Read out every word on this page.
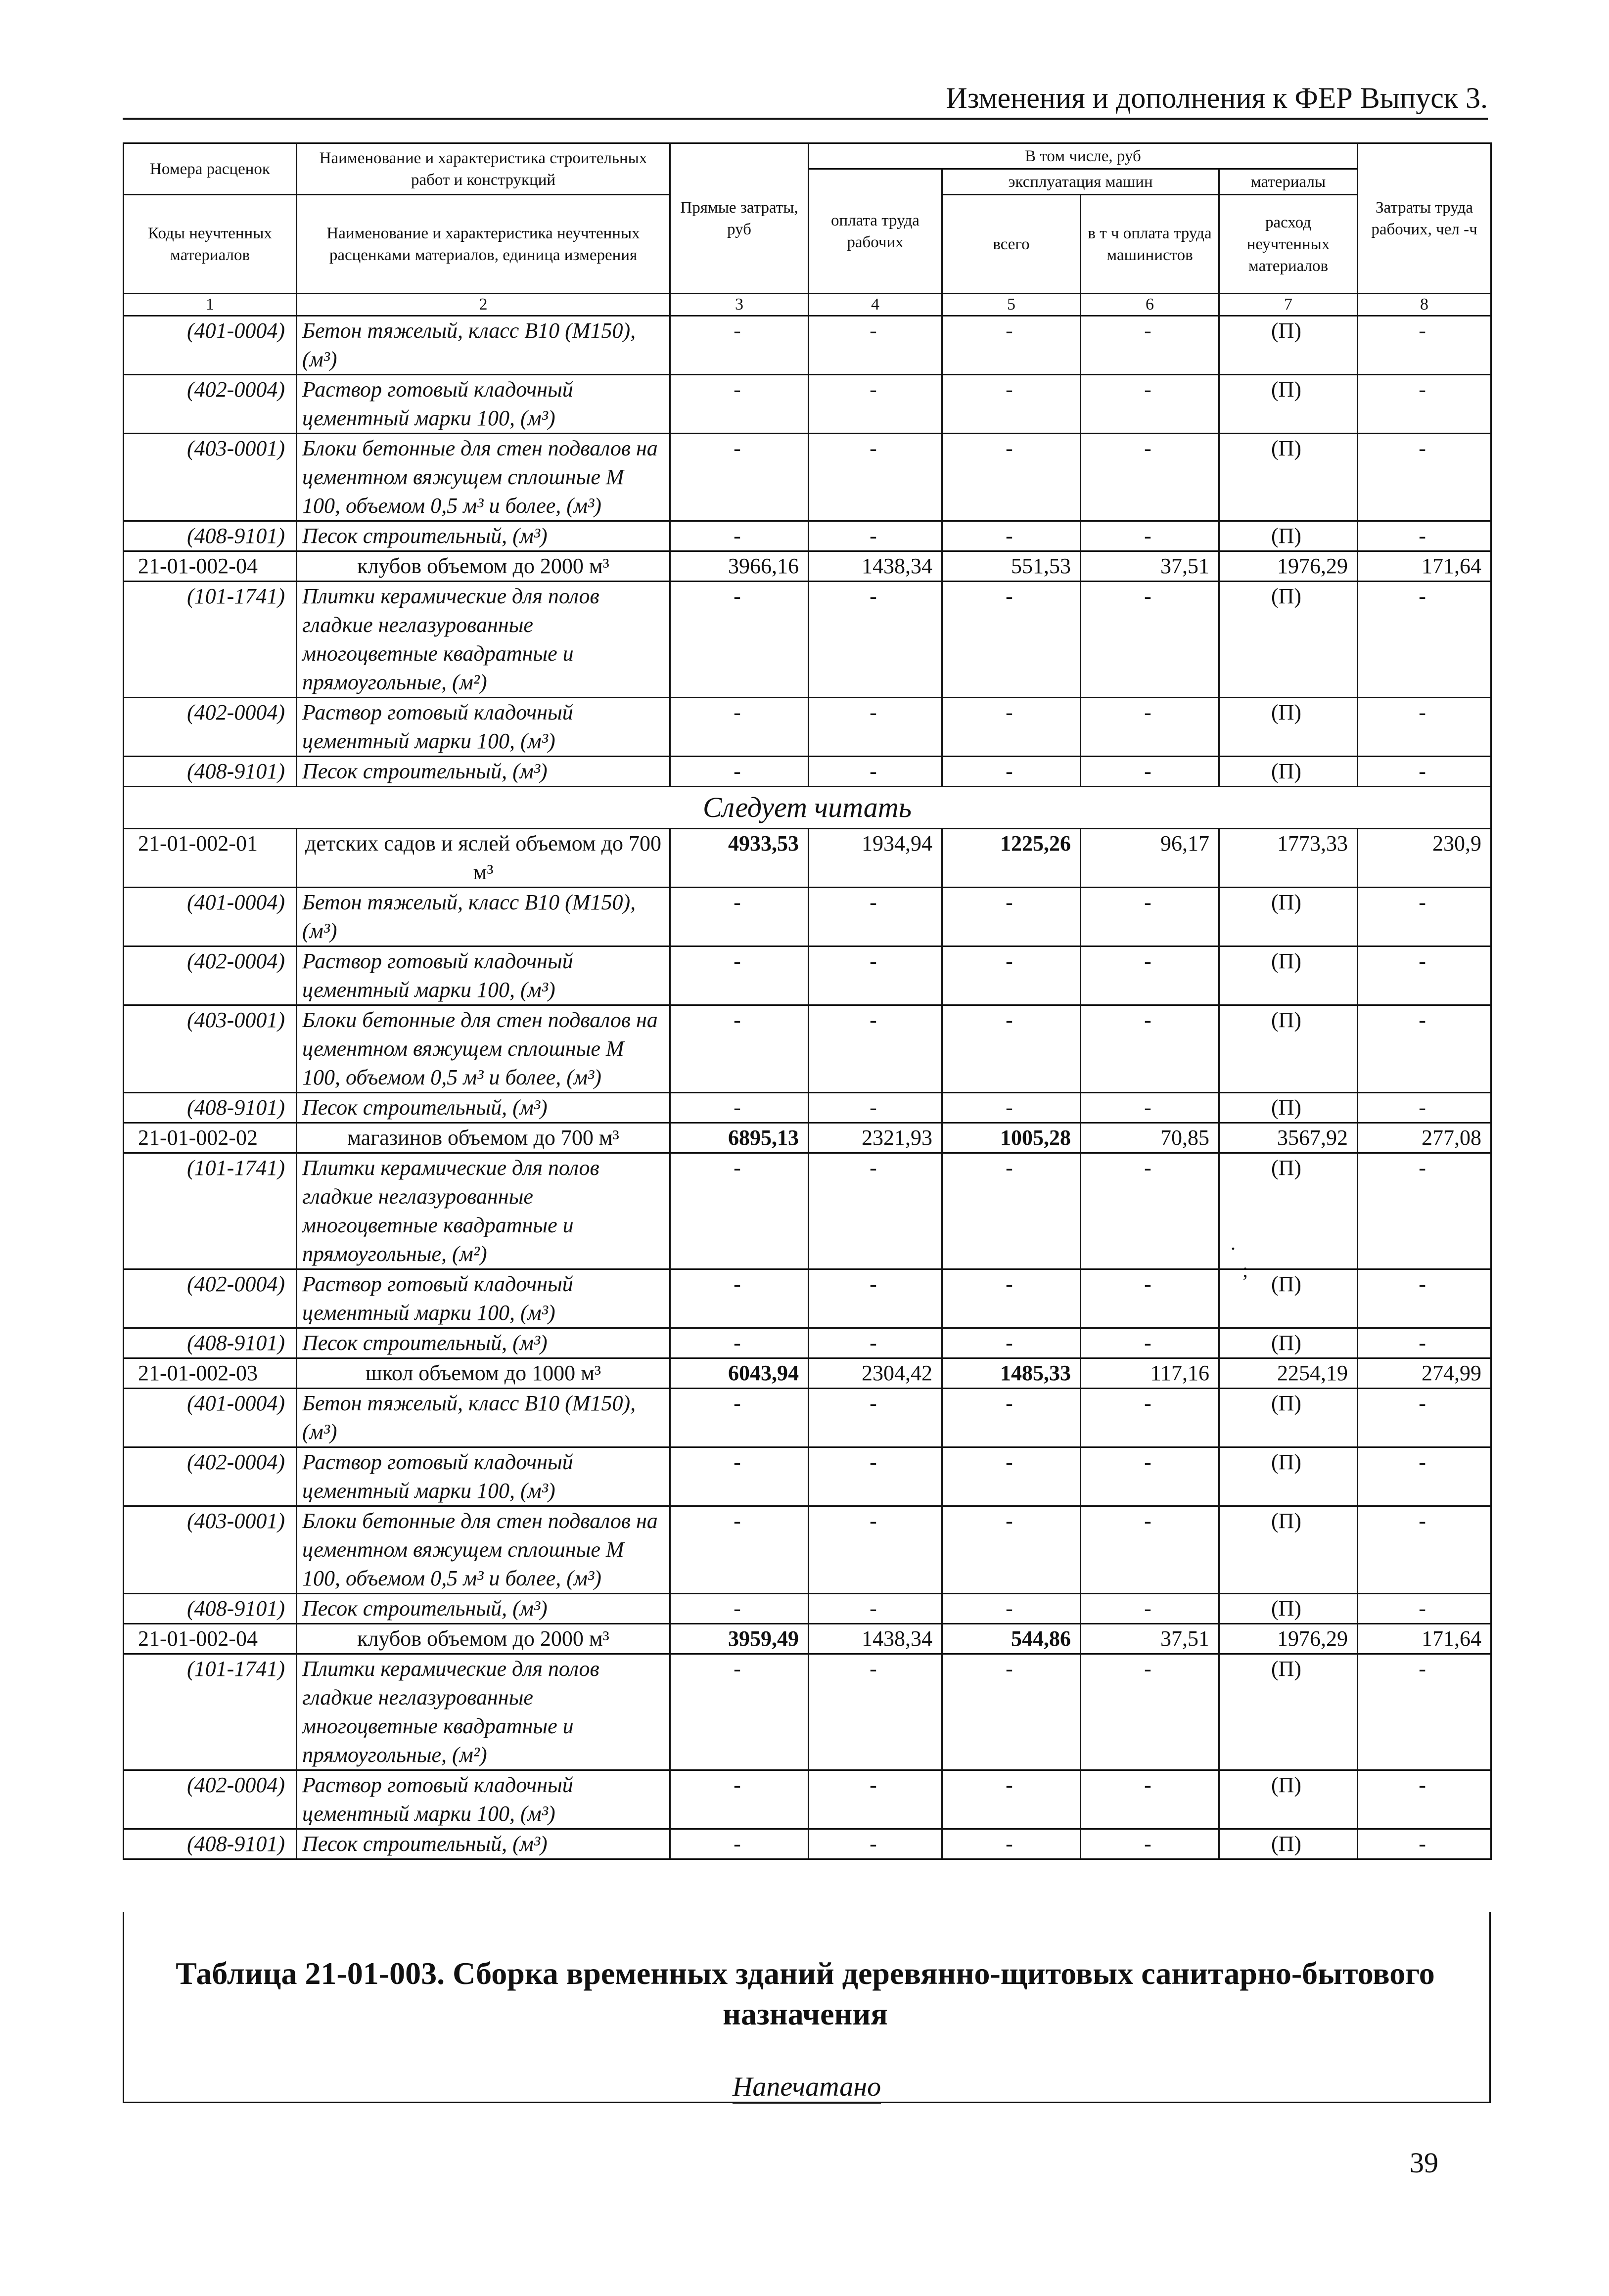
Изменения и дополнения к ФЕР Выпуск 3.
Номера расценок	Наименование и характеристика строительных работ и конструкций	Прямые затраты, руб	В том числе, руб				Затраты труда рабочих, чел -ч
			оплата труда рабочих	эксплуатация машин		материалы	
Коды неучтенных материалов	Наименование и характеристика неучтенных расценками материалов, единица измерения			всего	в т ч оплата труда машинистов	расход неучтенных материалов	

1	2	3	4	5	6	7	8
(401-0004)	Бетон тяжелый, класс В10 (М150), (м³)	-	-	-	-	(П)	-
(402-0004)	Раствор готовый кладочный цементный марки 100, (м³)	-	-	-	-	(П)	-
(403-0001)	Блоки бетонные для стен подвалов на цементном вяжущем сплошные М 100, объемом 0,5 м³ и более, (м³)	-	-	-	-	(П)	-
(408-9101)	Песок строительный, (м³)	-	-	-	-	(П)	-
21-01-002-04	клубов объемом до 2000 м³	3966,16	1438,34	551,53	37,51	1976,29	171,64
(101-1741)	Плитки керамические для полов гладкие неглазурованные многоцветные квадратные и прямоугольные, (м²)	-	-	-	-	(П)	-
(402-0004)	Раствор готовый кладочный цементный марки 100, (м³)	-	-	-	-	(П)	-
(408-9101)	Песок строительный, (м³)	-	-	-	-	(П)	-
Следует читать							
21-01-002-01	детских садов и яслей объемом до 700 м³	4933,53	1934,94	1225,26	96,17	1773,33	230,9
(401-0004)	Бетон тяжелый, класс В10 (М150), (м³)	-	-	-	-	(П)	-
(402-0004)	Раствор готовый кладочный цементный марки 100, (м³)	-	-	-	-	(П)	-
(403-0001)	Блоки бетонные для стен подвалов на цементном вяжущем сплошные М 100, объемом 0,5 м³ и более, (м³)	-	-	-	-	(П)	-
(408-9101)	Песок строительный, (м³)	-	-	-	-	(П)	-
21-01-002-02	магазинов объемом до 700 м³	6895,13	2321,93	1005,28	70,85	3567,92	277,08
(101-1741)	Плитки керамические для полов гладкие неглазурованные многоцветные квадратные и прямоугольные, (м²)	-	-	-	-	(П)	-
(402-0004)	Раствор готовый кладочный цементный марки 100, (м³)	-	-	-	-	(П)	-
(408-9101)	Песок строительный, (м³)	-	-	-	-	(П)	-
21-01-002-03	школ объемом до 1000 м³	6043,94	2304,42	1485,33	117,16	2254,19	274,99
(401-0004)	Бетон тяжелый, класс В10 (М150), (м³)	-	-	-	-	(П)	-
(402-0004)	Раствор готовый кладочный цементный марки 100, (м³)	-	-	-	-	(П)	-
(403-0001)	Блоки бетонные для стен подвалов на цементном вяжущем сплошные М 100, объемом 0,5 м³ и более, (м³)	-	-	-	-	(П)	-
(408-9101)	Песок строительный, (м³)	-	-	-	-	(П)	-
21-01-002-04	клубов объемом до 2000 м³	3959,49	1438,34	544,86	37,51	1976,29	171,64
(101-1741)	Плитки керамические для полов гладкие неглазурованные многоцветные квадратные и прямоугольные, (м²)	-	-	-	-	(П)	-
(402-0004)	Раствор готовый кладочный цементный марки 100, (м³)	-	-	-	-	(П)	-
(408-9101)	Песок строительный, (м³)	-	-	-	-	(П)	-
Таблица 21-01-003. Сборка временных зданий деревянно-щитовых санитарно-бытового назначения
Напечатано
39
.
;
